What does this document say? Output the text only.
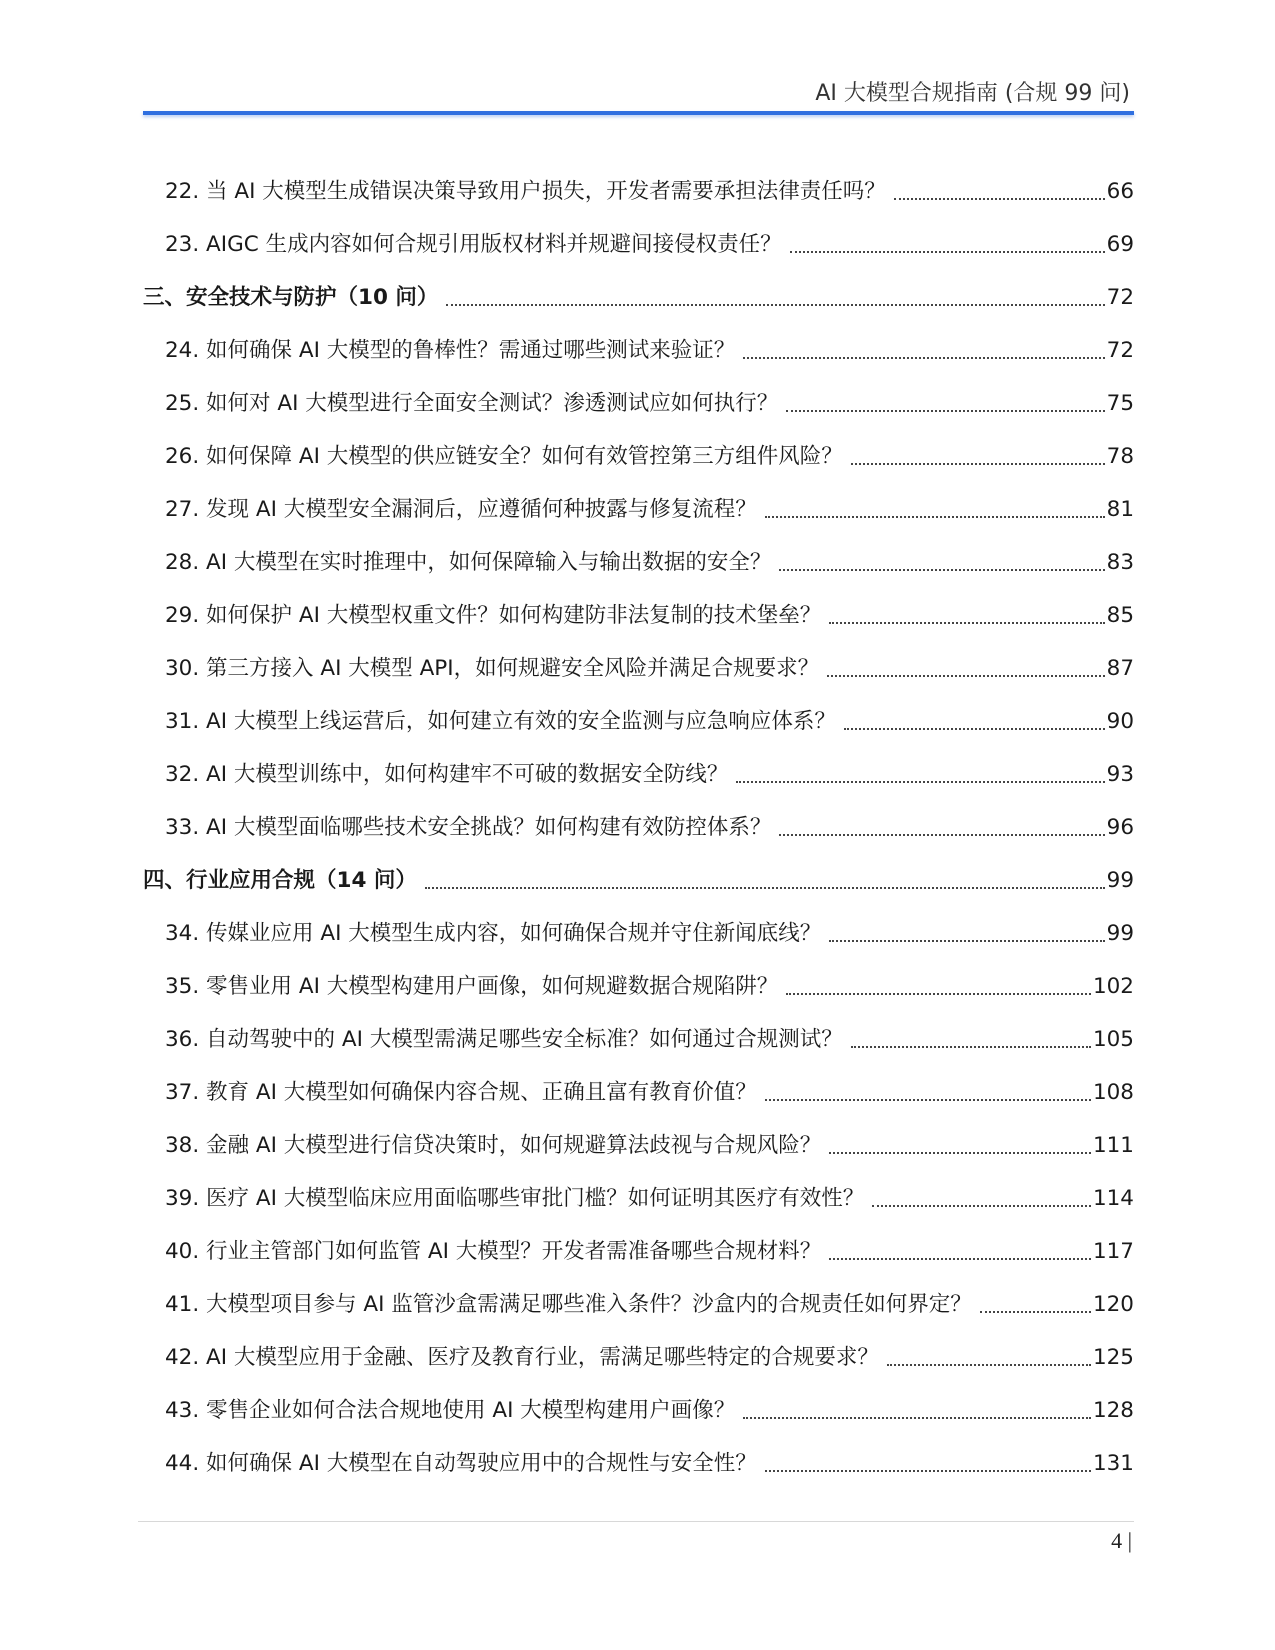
AI 大模型合规指南 (合规 99 问)
22. 当 AI 大模型生成错误决策导致用户损失，开发者需要承担法律责任吗？	66
23. AIGC 生成内容如何合规引用版权材料并规避间接侵权责任？	69
三、安全技术与防护（10 问）	72
24. 如何确保 AI 大模型的鲁棒性？需通过哪些测试来验证？	72
25. 如何对 AI 大模型进行全面安全测试？渗透测试应如何执行？	75
26. 如何保障 AI 大模型的供应链安全？如何有效管控第三方组件风险？	78
27. 发现 AI 大模型安全漏洞后，应遵循何种披露与修复流程？	81
28. AI 大模型在实时推理中，如何保障输入与输出数据的安全？	83
29. 如何保护 AI 大模型权重文件？如何构建防非法复制的技术堡垒？	85
30. 第三方接入 AI 大模型 API，如何规避安全风险并满足合规要求？	87
31. AI 大模型上线运营后，如何建立有效的安全监测与应急响应体系？	90
32. AI 大模型训练中，如何构建牢不可破的数据安全防线？	93
33. AI 大模型面临哪些技术安全挑战？如何构建有效防控体系？	96
四、行业应用合规（14 问）	99
34. 传媒业应用 AI 大模型生成内容，如何确保合规并守住新闻底线？	99
35. 零售业用 AI 大模型构建用户画像，如何规避数据合规陷阱？	102
36. 自动驾驶中的 AI 大模型需满足哪些安全标准？如何通过合规测试？	105
37. 教育 AI 大模型如何确保内容合规、正确且富有教育价值？	108
38. 金融 AI 大模型进行信贷决策时，如何规避算法歧视与合规风险？	111
39. 医疗 AI 大模型临床应用面临哪些审批门槛？如何证明其医疗有效性？	114
40. 行业主管部门如何监管 AI 大模型？开发者需准备哪些合规材料？	117
41. 大模型项目参与 AI 监管沙盒需满足哪些准入条件？沙盒内的合规责任如何界定？	120
42. AI 大模型应用于金融、医疗及教育行业，需满足哪些特定的合规要求？	125
43. 零售企业如何合法合规地使用 AI 大模型构建用户画像？	128
44. 如何确保 AI 大模型在自动驾驶应用中的合规性与安全性？	131
4 |
